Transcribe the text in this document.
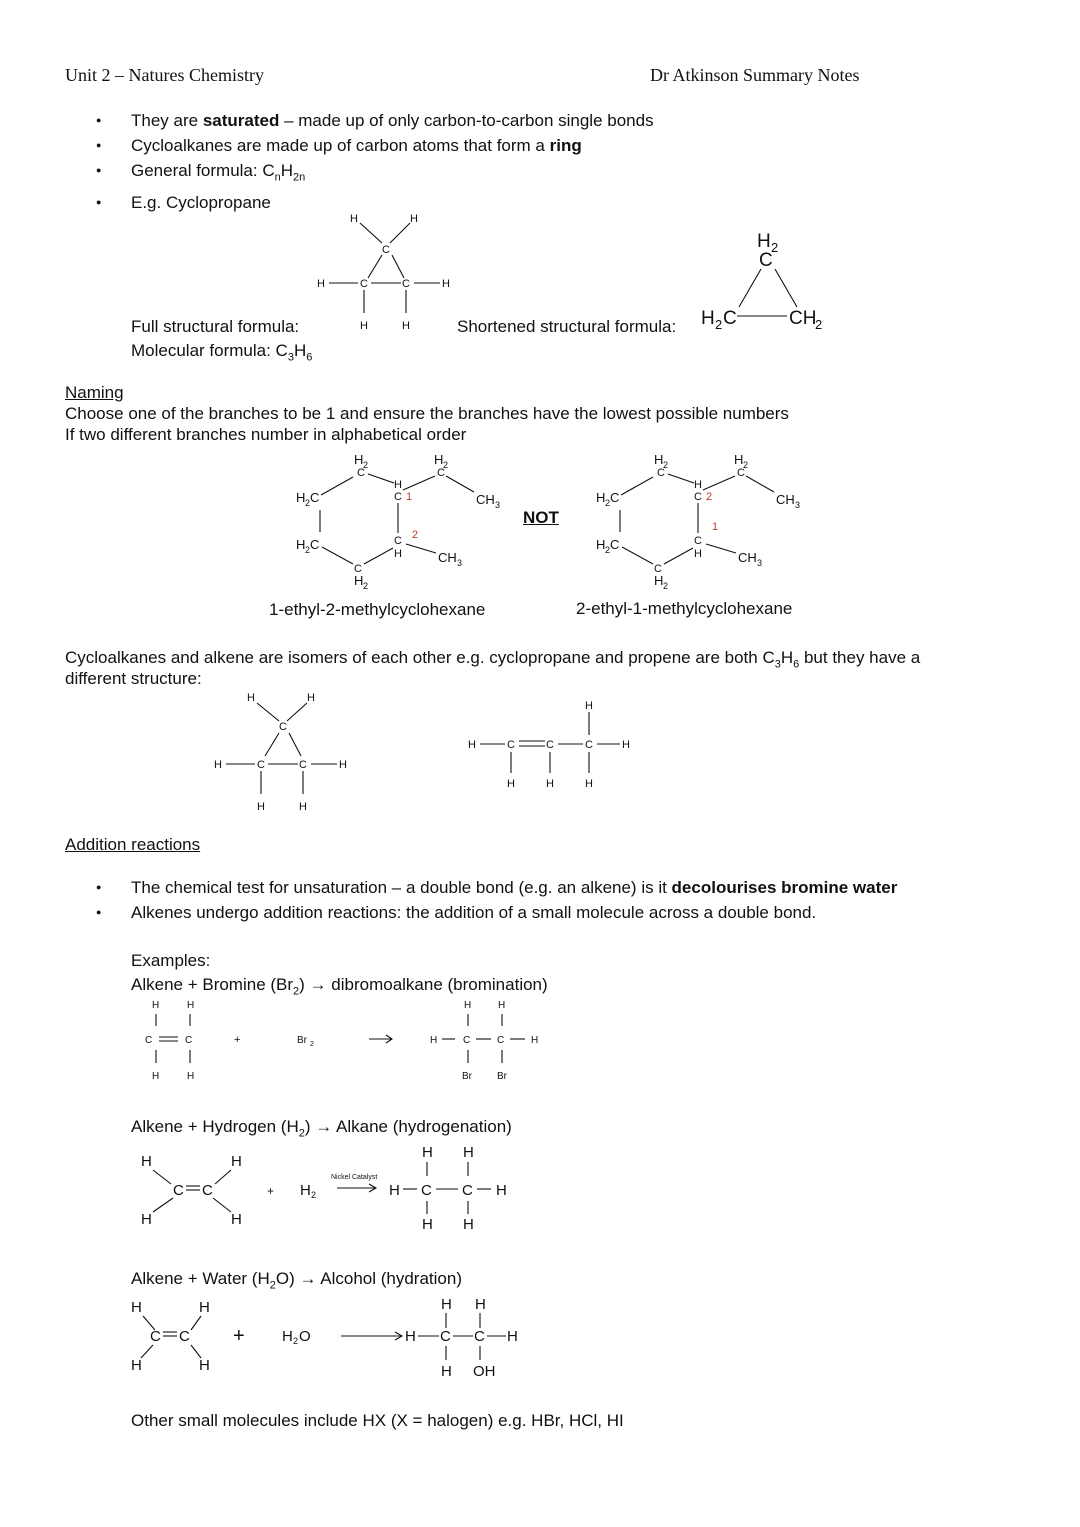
Unit 2 – Natures Chemistry	Dr Atkinson Summary Notes
● They are saturated – made up of only carbon-to-carbon single bonds
● Cycloalkanes are made up of carbon atoms that form a ring
● General formula: $C_nH_{2n}$
● E.g. Cyclopropane
H	H
C
H	C	C	H
H	H
Full structural formula:
Molecular formula: $C_3H_6$
Shortened structural formula:
H 2
C
H 2 C	CH
2
Naming
Choose one of the branches to be 1 and ensure the branches have the lowest possible numbers
If two different branches number in alphabetical order
H 2
C
H 2
C
H 2 C
H
C 1	CH 3
H 2 C
2
C
H	CH 3
C
H 2
NOT
H 2
C
H 2
C
H 2 C
H
C 2	CH 3
H 2 C
1
C
H	CH 3
C
H 2
1-ethyl-2-methylcyclohexane	2-ethyl-1-methylcyclohexane
Cycloalkanes and alkene are isomers of each other e.g. cyclopropane and propene are both $C_3H_6$ but they have a
different structure:
H	H
C
H	C	C	H
H	H
H
H	C	C	C	H
H	H	H
Addition reactions
● The chemical test for unsaturation – a double bond (e.g. an alkene) is it decolourises bromine water
● Alkenes undergo addition reactions: the addition of a small molecule across a double bond.
Examples:
Alkene + Bromine $(Br_2)$ → dibromoalkane (bromination)
H	H
C	C
H	H
+	Br 2
H	H
H	C	C	H
Br	Br
Alkene + Hydrogen $(H_2)$ → Alkane (hydrogenation)
H	H
C C
H	H
+ H 2
Nickel Catalyst
H H
H C C H
H H
Alkene + Water $(H_2O)$ → Alcohol (hydration)
H	H
C C
H	H
+ H 2 O
H H
H C C H
H OH
Other small molecules include HX (X = halogen) e.g. HBr, HCl, HI
